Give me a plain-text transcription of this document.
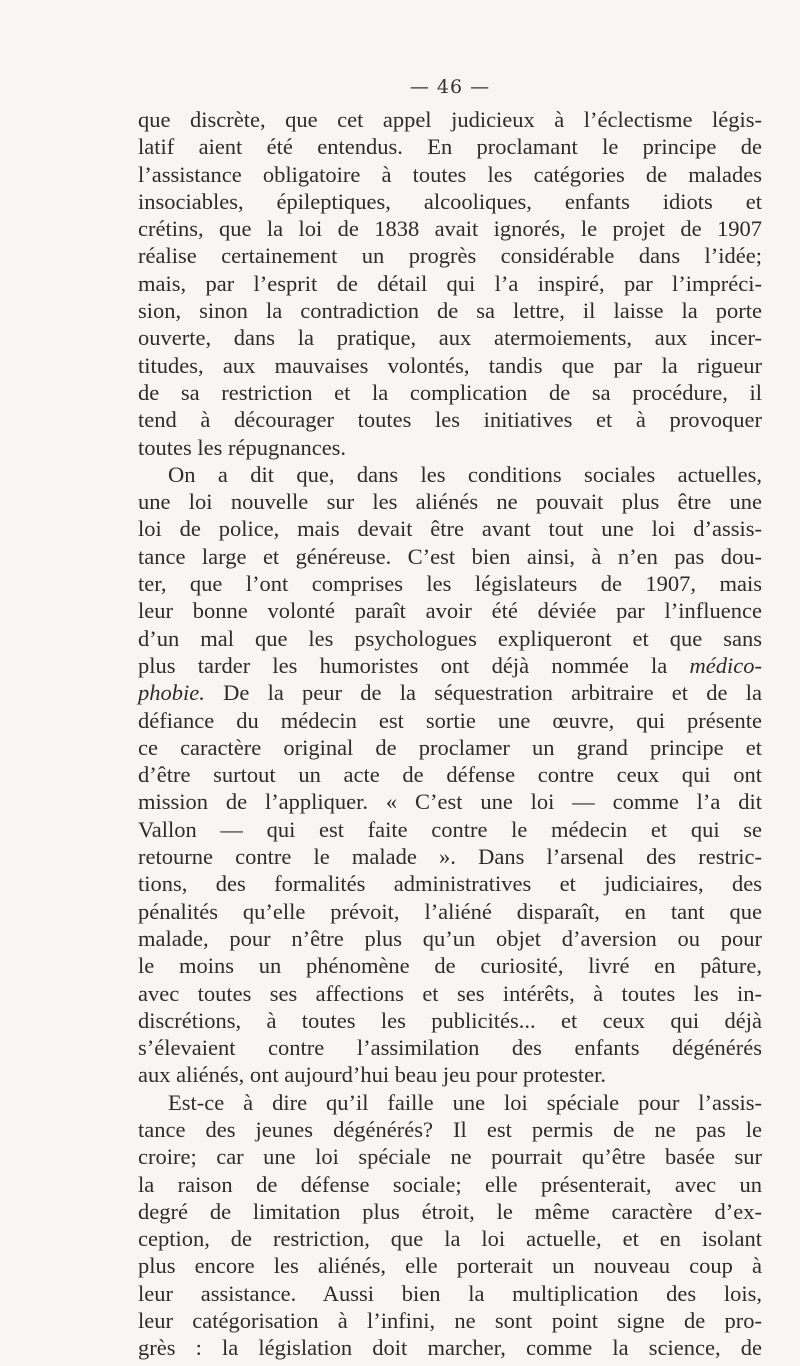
— 46 —
que discrète, que cet appel judicieux à l’éclectisme légis-
latif aient été entendus. En proclamant le principe de
l’assistance obligatoire à toutes les catégories de malades
insociables, épileptiques, alcooliques, enfants idiots et
crétins, que la loi de 1838 avait ignorés, le projet de 1907
réalise certainement un progrès considérable dans l’idée;
mais, par l’esprit de détail qui l’a inspiré, par l’impréci-
sion, sinon la contradiction de sa lettre, il laisse la porte
ouverte, dans la pratique, aux atermoiements, aux incer-
titudes, aux mauvaises volontés, tandis que par la rigueur
de sa restriction et la complication de sa procédure, il
tend à décourager toutes les initiatives et à provoquer
toutes les répugnances.
On a dit que, dans les conditions sociales actuelles,
une loi nouvelle sur les aliénés ne pouvait plus être une
loi de police, mais devait être avant tout une loi d’assis-
tance large et généreuse. C’est bien ainsi, à n’en pas dou-
ter, que l’ont comprises les législateurs de 1907, mais
leur bonne volonté paraît avoir été déviée par l’influence
d’un mal que les psychologues expliqueront et que sans
plus tarder les humoristes ont déjà nommée la médico-
phobie. De la peur de la séquestration arbitraire et de la
défiance du médecin est sortie une œuvre, qui présente
ce caractère original de proclamer un grand principe et
d’être surtout un acte de défense contre ceux qui ont
mission de l’appliquer. « C’est une loi — comme l’a dit
Vallon — qui est faite contre le médecin et qui se
retourne contre le malade ». Dans l’arsenal des restric-
tions, des formalités administratives et judiciaires, des
pénalités qu’elle prévoit, l’aliéné disparaît, en tant que
malade, pour n’être plus qu’un objet d’aversion ou pour
le moins un phénomène de curiosité, livré en pâture,
avec toutes ses affections et ses intérêts, à toutes les in-
discrétions, à toutes les publicités... et ceux qui déjà
s’élevaient contre l’assimilation des enfants dégénérés
aux aliénés, ont aujourd’hui beau jeu pour protester.
Est-ce à dire qu’il faille une loi spéciale pour l’assis-
tance des jeunes dégénérés? Il est permis de ne pas le
croire; car une loi spéciale ne pourrait qu’être basée sur
la raison de défense sociale; elle présenterait, avec un
degré de limitation plus étroit, le même caractère d’ex-
ception, de restriction, que la loi actuelle, et en isolant
plus encore les aliénés, elle porterait un nouveau coup à
leur assistance. Aussi bien la multiplication des lois,
leur catégorisation à l’infini, ne sont point signe de pro-
grès : la législation doit marcher, comme la science, de
